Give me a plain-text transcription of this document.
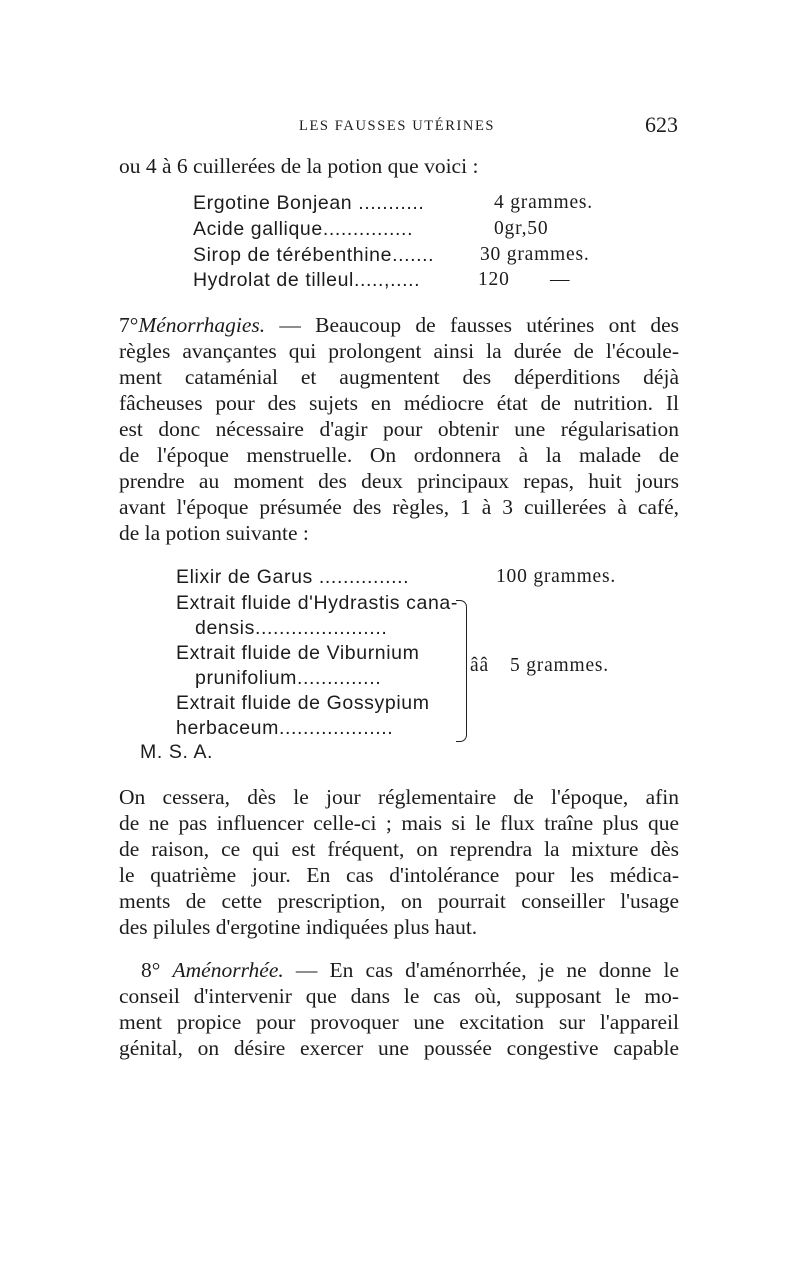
LES FAUSSES UTÉRINES	623
ou 4 à 6 cuillerées de la potion que voici :
Ergotine Bonjean ...........	4 grammes.
Acide gallique...............	0gr,50
Sirop de térébenthine....... 30 grammes.
Hydrolat de tilleul.....,.....	120 —
7°Ménorrhagies. — Beaucoup de fausses utérines ont des
règles avançantes qui prolongent ainsi la durée de l'écoule-
ment cataménial et augmentent des déperditions déjà
fâcheuses pour des sujets en médiocre état de nutrition. Il
est donc nécessaire d'agir pour obtenir une régularisation
de l'époque menstruelle. On ordonnera à la malade de
prendre au moment des deux principaux repas, huit jours
avant l'époque présumée des règles, 1 à 3 cuillerées à café,
de la potion suivante :
Elixir de Garus ...............	100 grammes.
Extrait fluide d'Hydrastis cana-
densis......................
Extrait fluide de Viburnium
prunifolium..............
Extrait fluide de Gossypium
herbaceum...................
ââ 5 grammes.
M. S. A.
On cessera, dès le jour réglementaire de l'époque, afin
de ne pas influencer celle-ci ; mais si le flux traîne plus que
de raison, ce qui est fréquent, on reprendra la mixture dès
le quatrième jour. En cas d'intolérance pour les médica-
ments de cette prescription, on pourrait conseiller l'usage
des pilules d'ergotine indiquées plus haut.
8° Aménorrhée. — En cas d'aménorrhée, je ne donne le
conseil d'intervenir que dans le cas où, supposant le mo-
ment propice pour provoquer une excitation sur l'appareil
génital, on désire exercer une poussée congestive capable
